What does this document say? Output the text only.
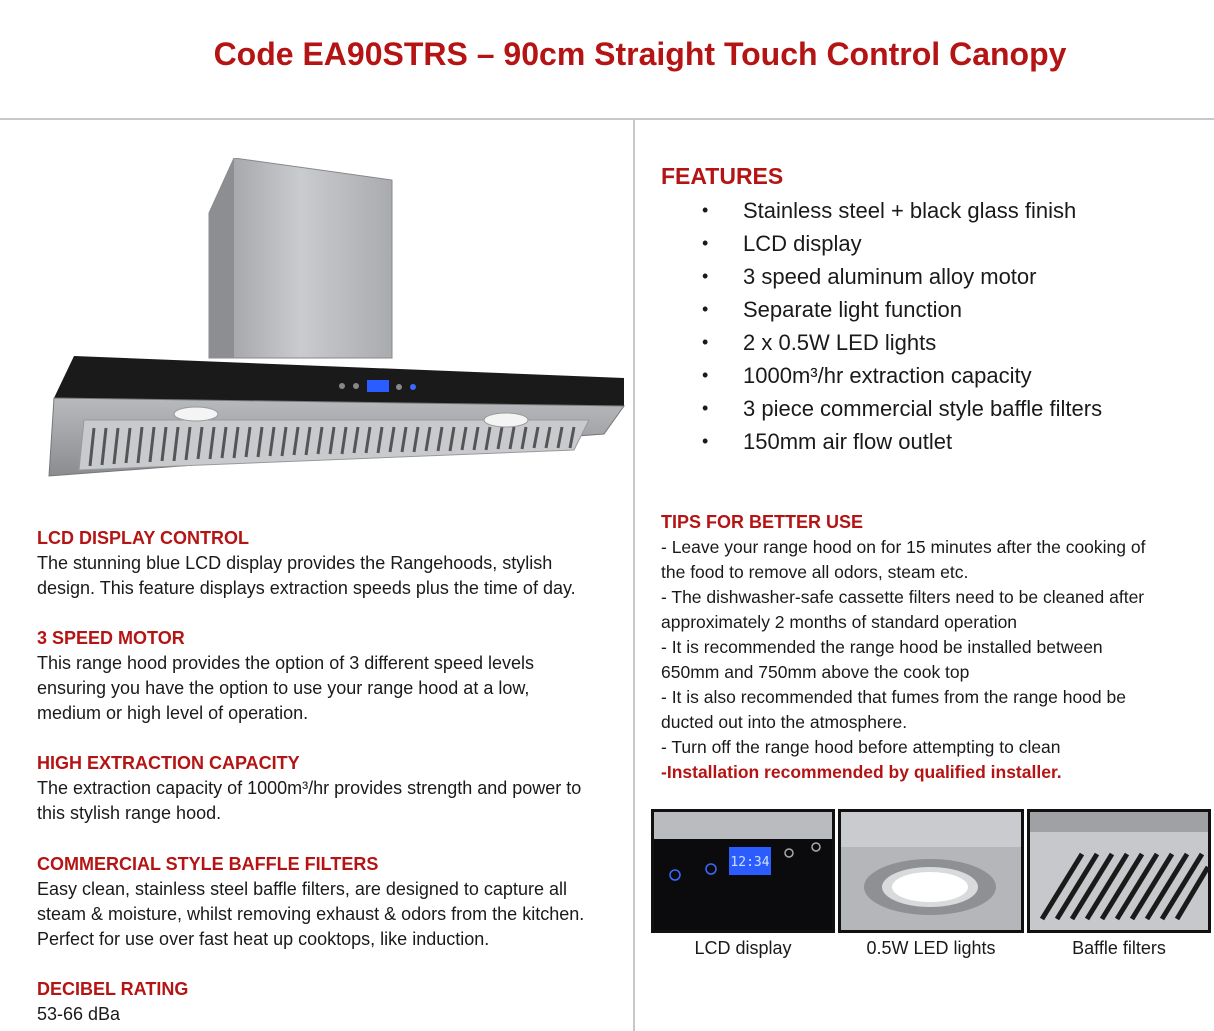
Code EA90STRS – 90cm Straight Touch Control Canopy
LCD DISPLAY CONTROL

The stunning blue LCD display provides the Rangehoods, stylish

design. This feature displays extraction speeds plus the time of day.

3 SPEED MOTOR

This range hood provides the option of 3 different speed levels

ensuring you have the option to use your range hood at a low,

medium or high level of operation.

HIGH EXTRACTION CAPACITY

The extraction capacity of 1000m³/hr provides strength and power to

this stylish range hood.

COMMERCIAL STYLE BAFFLE FILTERS

Easy clean, stainless steel baffle filters, are designed to capture all

steam & moisture, whilst removing exhaust & odors from the kitchen.

Perfect for use over fast heat up cooktops, like induction.

DECIBEL RATING

53-66 dBa

FEATURES
• Stainless steel + black glass finish
• LCD display
• 3 speed aluminum alloy motor
• Separate light function
• 2 x 0.5W LED lights
• 1000m³/hr extraction capacity
• 3 piece commercial style baffle filters
• 150mm air flow outlet
TIPS FOR BETTER USE

- Leave your range hood on for 15 minutes after the cooking of

the food to remove all odors, steam etc.

- The dishwasher-safe cassette filters need to be cleaned after

approximately 2 months of standard operation

- It is recommended the range hood be installed between

650mm and 750mm above the cook top

- It is also recommended that fumes from the range hood be

ducted out into the atmosphere.

- Turn off the range hood before attempting to clean

-Installation recommended by qualified installer.

12:34
LCD display	0.5W LED lights	Baffle filters
